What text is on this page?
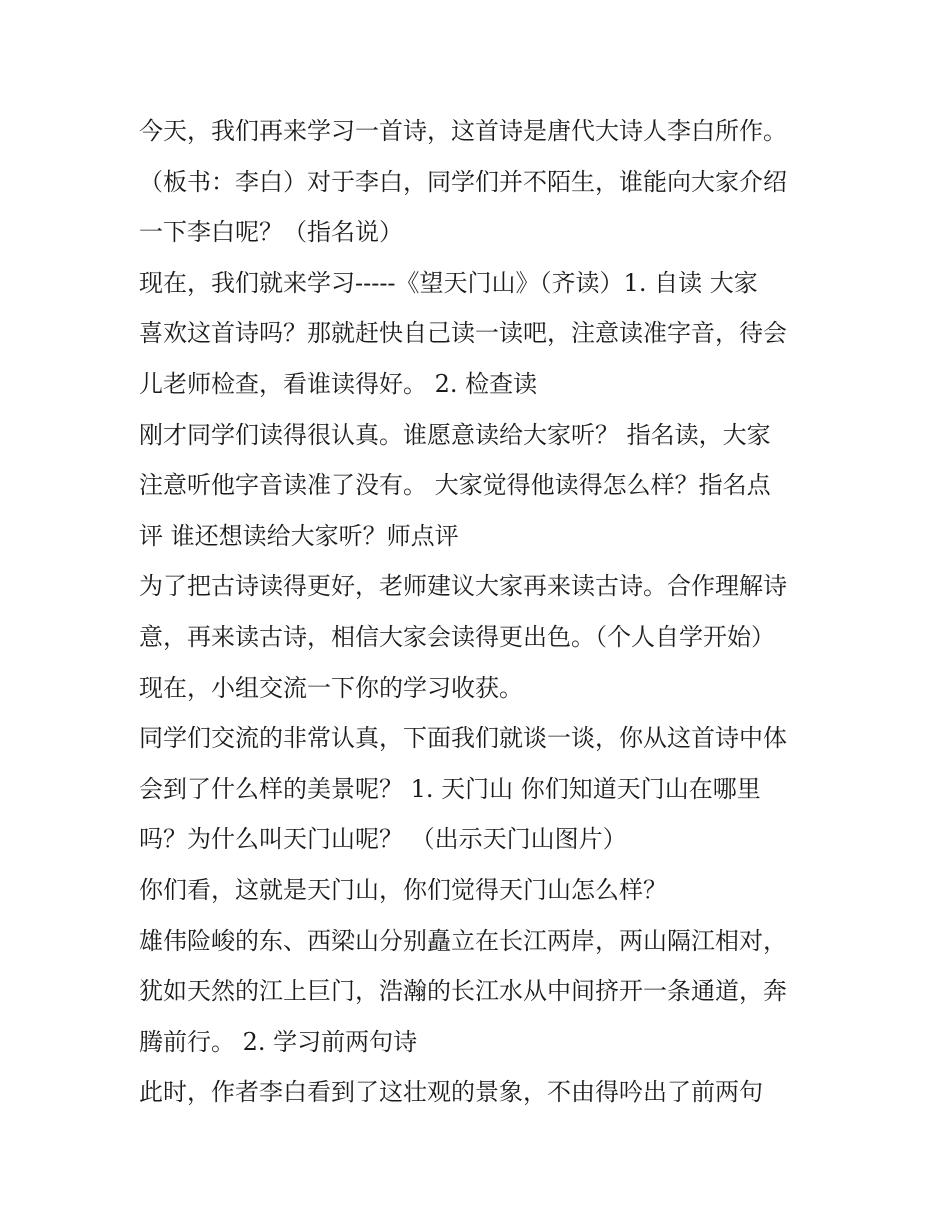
今天，我们再来学习一首诗，这首诗是唐代大诗人李白所作。
（板书：李白）对于李白，同学们并不陌生，谁能向大家介绍
一下李白呢？（指名说）
现在，我们就来学习-----《望天门山》（齐读）1. 自读 大家
喜欢这首诗吗？那就赶快自己读一读吧，注意读准字音，待会
儿老师检查，看谁读得好。 2. 检查读
刚才同学们读得很认真。谁愿意读给大家听？ 指名读，大家
注意听他字音读准了没有。 大家觉得他读得怎么样？指名点
评 谁还想读给大家听？师点评
为了把古诗读得更好，老师建议大家再来读古诗。合作理解诗
意，再来读古诗，相信大家会读得更出色。（个人自学开始）
现在，小组交流一下你的学习收获。
同学们交流的非常认真，下面我们就谈一谈，你从这首诗中体
会到了什么样的美景呢？ 1. 天门山 你们知道天门山在哪里
吗？为什么叫天门山呢？ （出示天门山图片）
你们看，这就是天门山，你们觉得天门山怎么样？
雄伟险峻的东、西梁山分别矗立在长江两岸，两山隔江相对，
犹如天然的江上巨门，浩瀚的长江水从中间挤开一条通道，奔
腾前行。 2. 学习前两句诗
此时，作者李白看到了这壮观的景象，不由得吟出了前两句
